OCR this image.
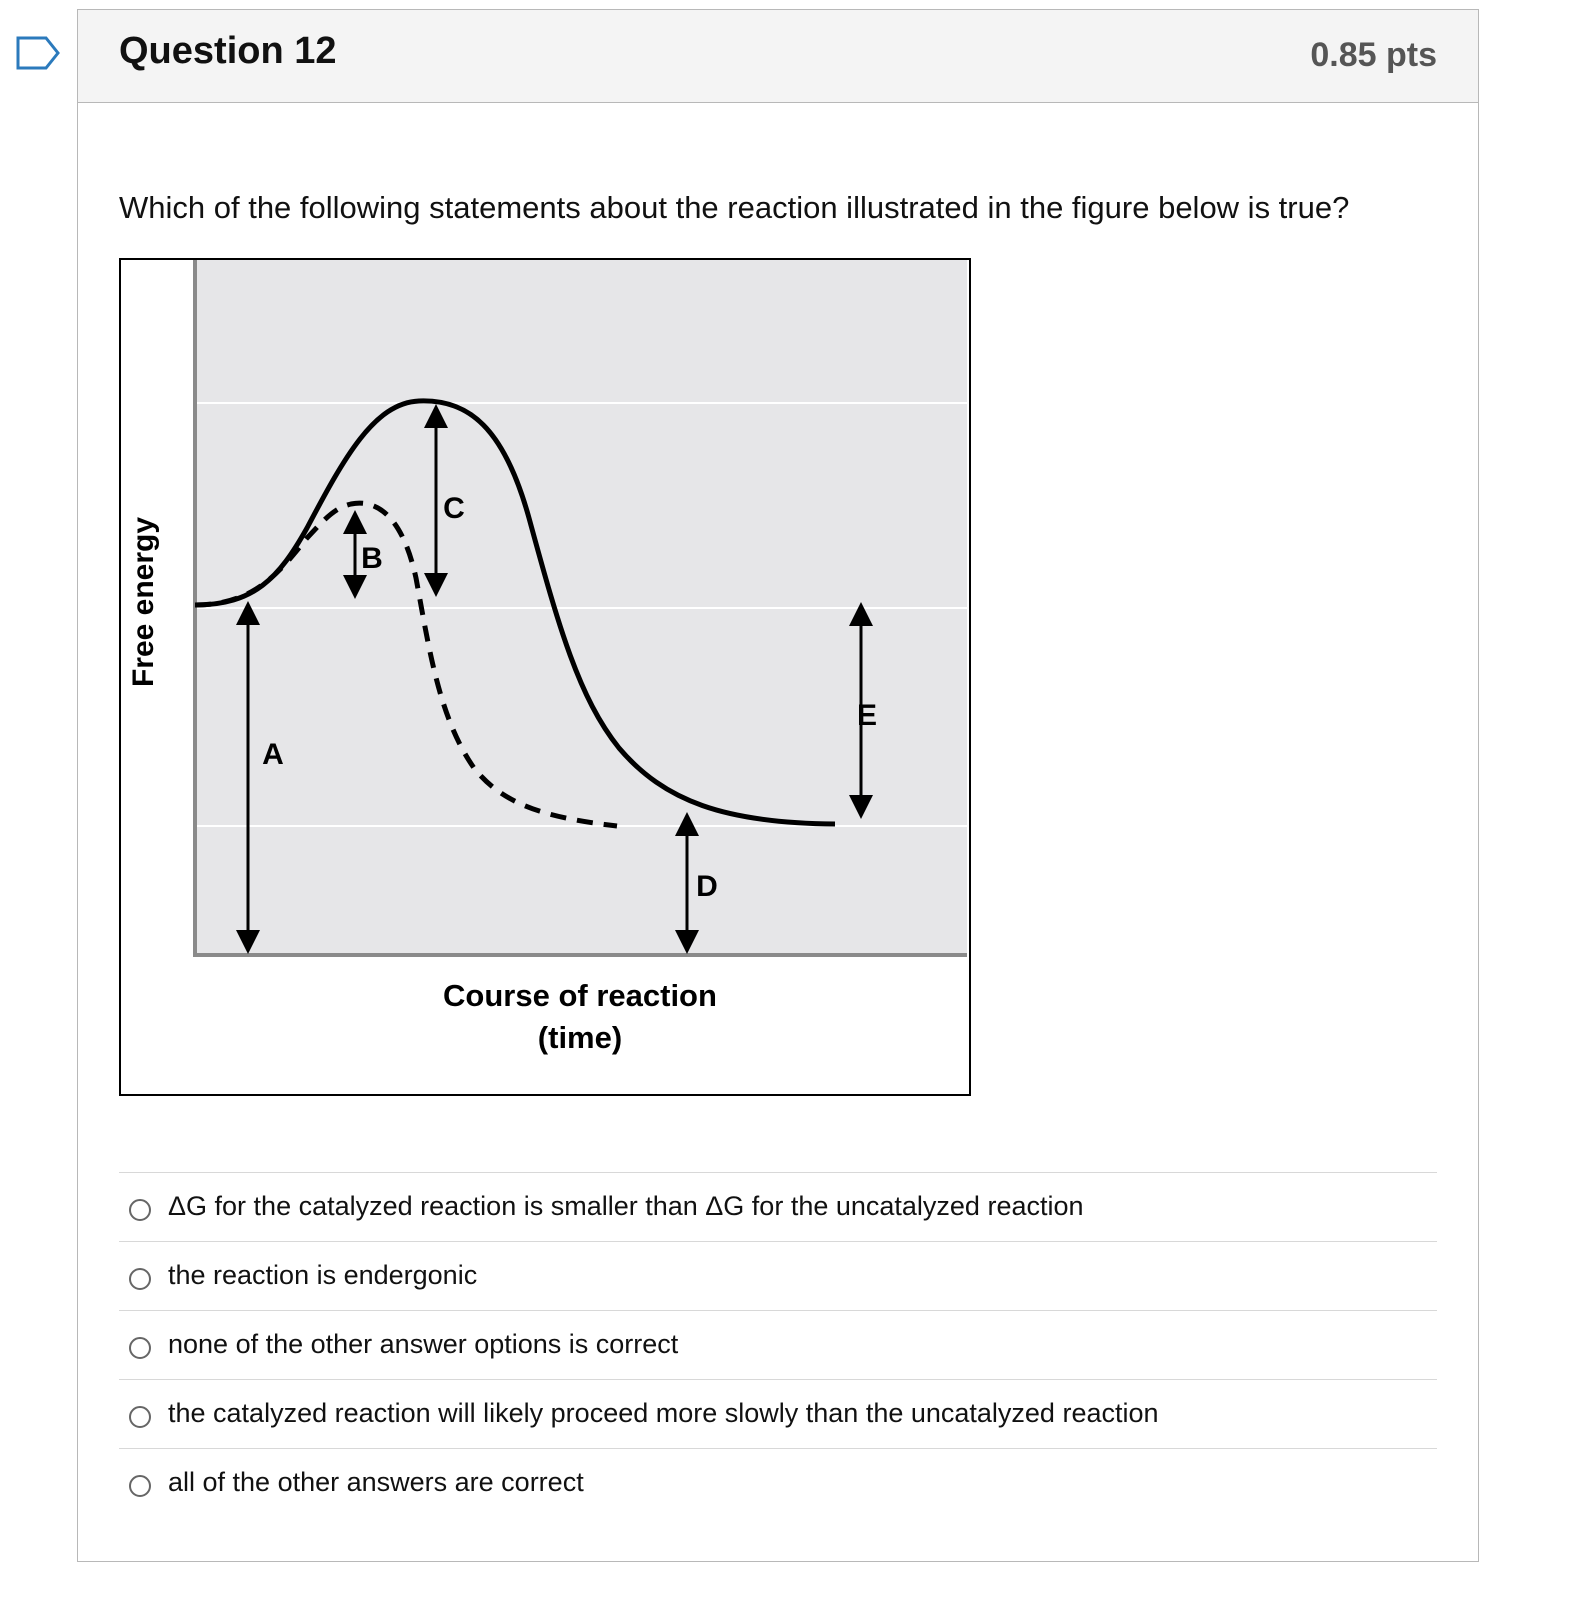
Question 12	0.85 pts
Which of the following statements about the reaction illustrated in the figure below is true?
A
B
C
D
E
Free energy
Course of reaction
(time)
ΔG for the catalyzed reaction is smaller than ΔG for the uncatalyzed reaction
the reaction is endergonic
none of the other answer options is correct
the catalyzed reaction will likely proceed more slowly than the uncatalyzed reaction
all of the other answers are correct
